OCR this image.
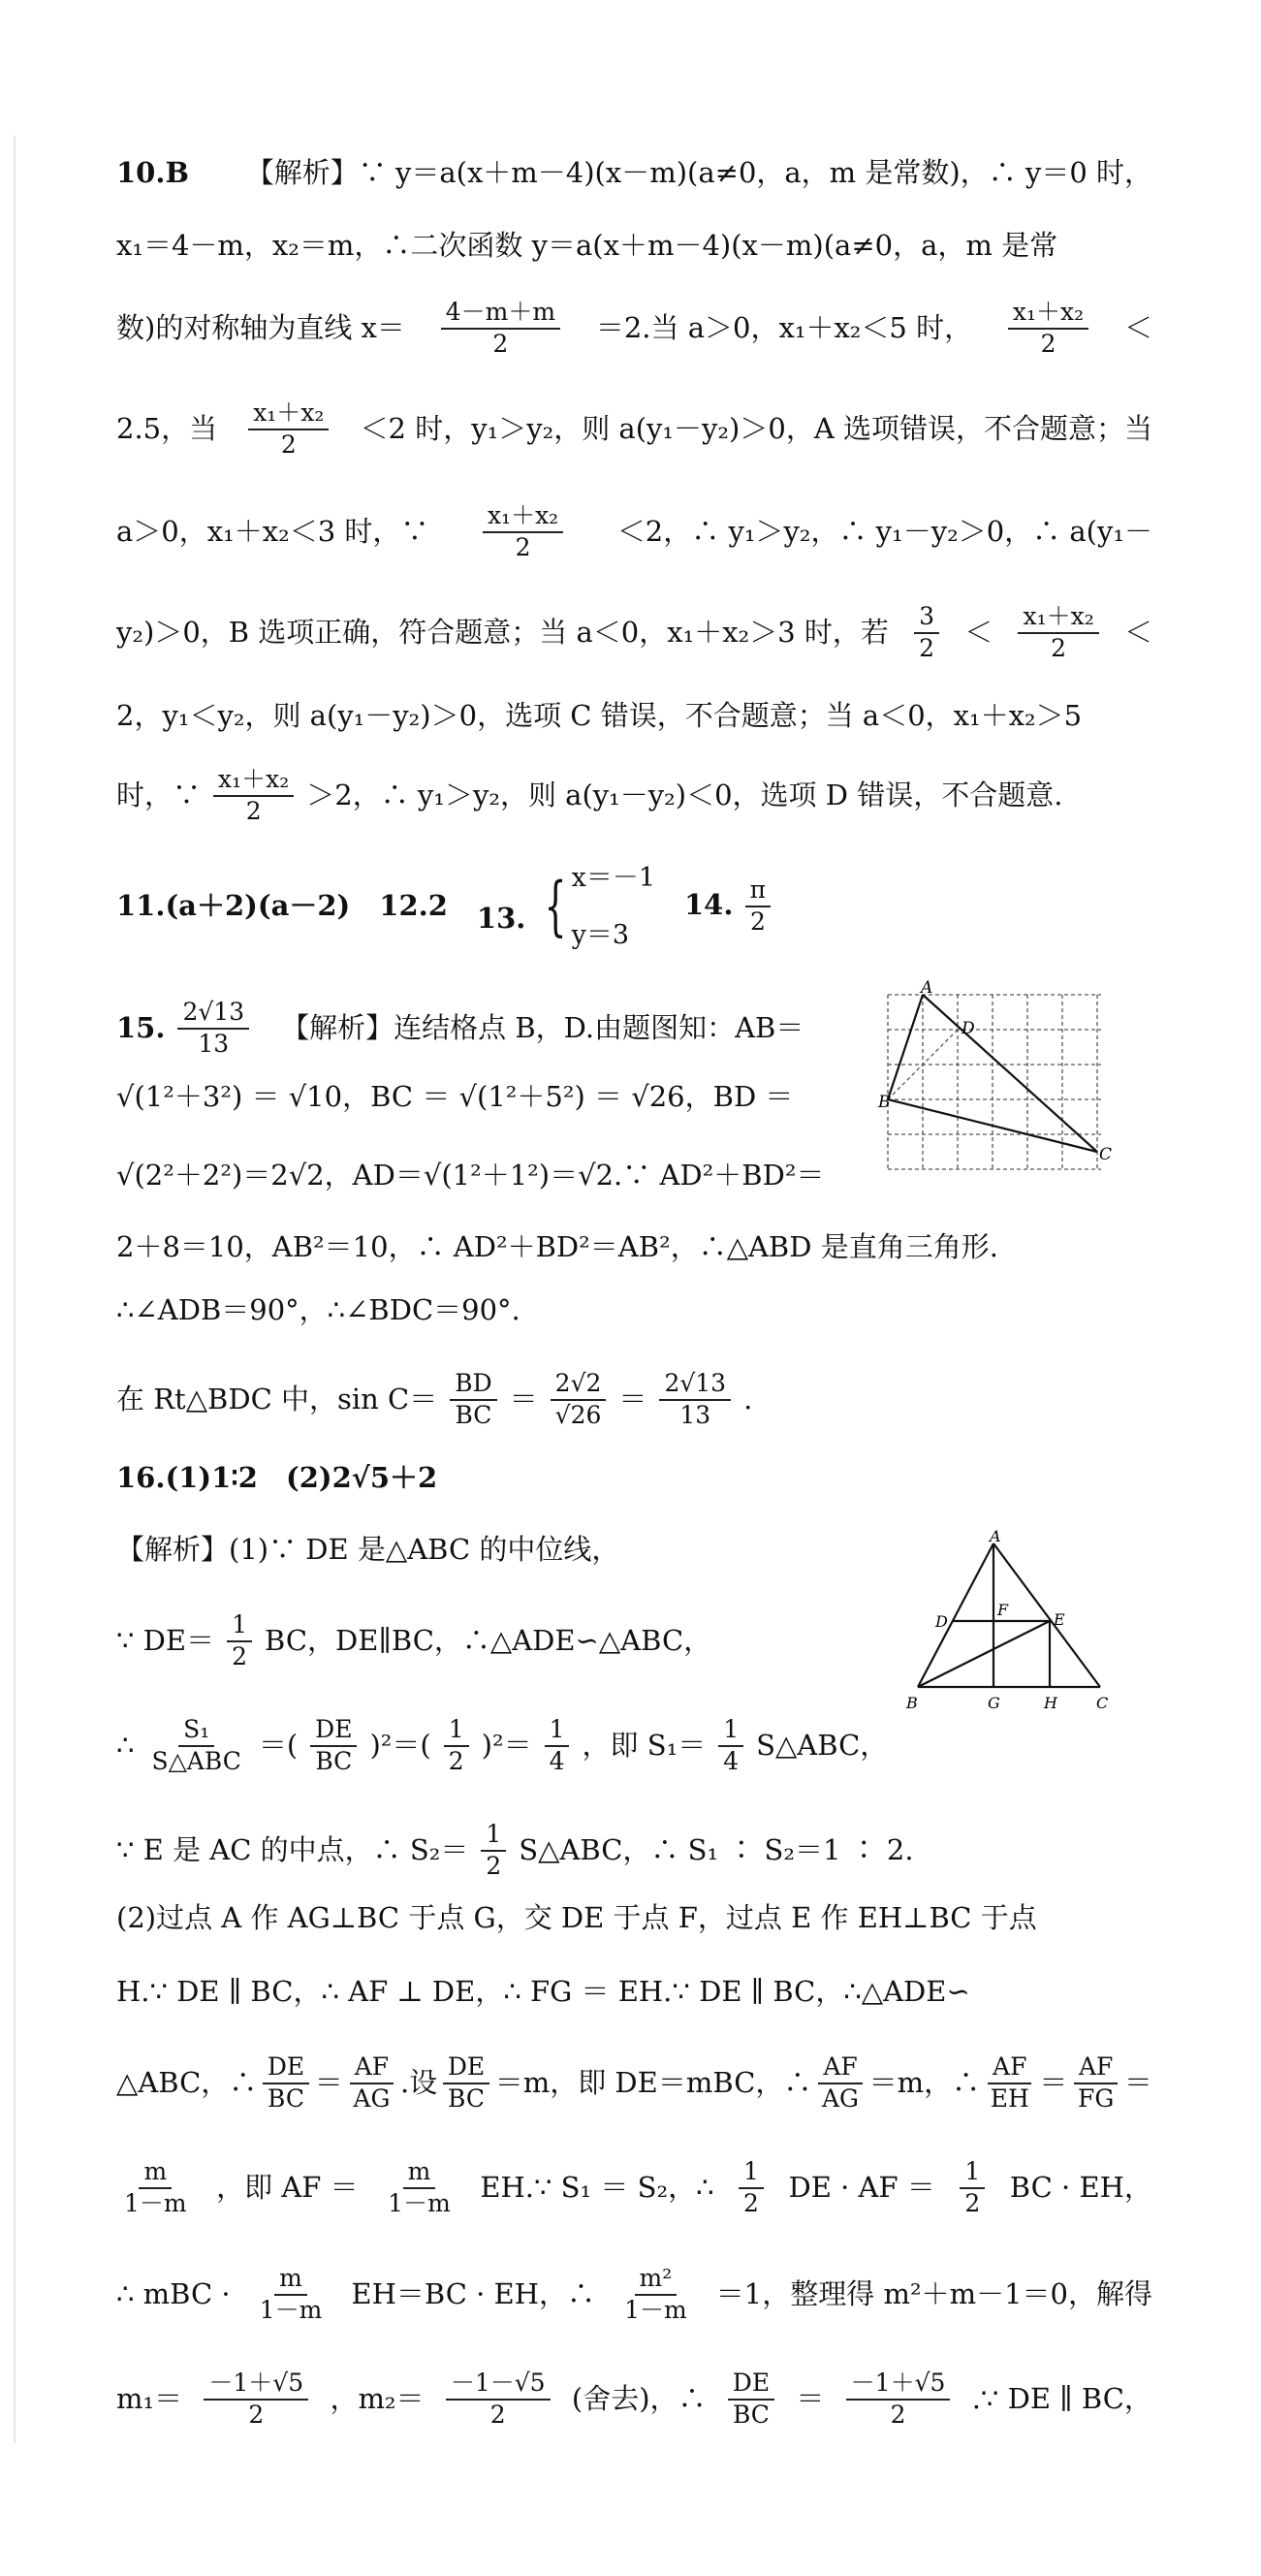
10.B 【解析】∵ y＝a(x＋m－4)(x－m)(a≠0，a，m 是常数)，∴ y＝0 时，
x₁＝4－m，x₂＝m，∴二次函数 y＝a(x＋m－4)(x－m)(a≠0，a，m 是常
数)的对称轴为直线 $x= \frac{4-m+m}{2} =2$.当 a＞0，x₁＋x₂＜5 时， $\frac{\text{x₁＋x₂}}{2}$ ＜
2.5，当 $\frac{\text{x₁＋x₂}}{2} <2$ 时，y₁＞y₂，则 a(y₁－y₂)＞0，A 选项错误，不合题意；当
a＞0，x₁＋x₂＜3 时，∵ $\frac{\text{x₁＋x₂}}{2} <2$，∴ y₁＞y₂，∴ y₁－y₂＞0，∴ a(y₁－
y₂)＞0，B 选项正确，符合题意；当 a＜0，x₁＋x₂＞3 时，若 $\frac{3}{2} < \frac{\text{x₁＋x₂}}{2}$ ＜
2，y₁＜y₂，则 a(y₁－y₂)＞0，选项 C 错误，不合题意；当 a＜0，x₁＋x₂＞5
时，∵ $\frac{\text{x₁＋x₂}}{2} >2$，∴ y₁＞y₂，则 a(y₁－y₂)＜0，选项 D 错误，不合题意.
11.(a＋2)(a－2) 12.2 13. { x＝－1
y＝3
14. $\frac{\pi}{2}$
15. $\frac{2√13}{13}$ 【解析】连结格点 B，D.由题图知：AB＝
√(1²＋3²) ＝ √10，BC ＝ √(1²＋5²) ＝ √26，BD ＝
√(2²＋2²)＝2√2，AD＝√(1²＋1²)＝√2.∵ AD²＋BD²＝
2＋8＝10，AB²＝10，∴ AD²＋BD²＝AB²，∴△ABD 是直角三角形.
∴∠ADB＝90°，∴∠BDC＝90°.
在 Rt△BDC 中，$\sin C= \frac{BD}{BC} = \frac{2√2}{√26} = \frac{2√13}{13}$ .
A
D
B
C
16.(1)1∶2　(2)2√5＋2
【解析】(1)∵ DE 是△ABC 的中位线，
∵ $DE= \frac{1}{2}$ BC，DE∥BC，∴△ADE∽△ABC，
∴ $\frac{\text{S₁}}{\text{S△ABC}}$ ＝( $\frac{DE}{BC} )^2=( \frac{1}{2} )^2= \frac{1}{4}$ ，即 $S_1= \frac{1}{4}$ S△ABC，
∵ E 是 AC 的中点，∴ $S_2= \frac{1}{2}$ S△ABC，∴ S₁ ∶ S₂＝1 ∶ 2.
(2)过点 A 作 AG⊥BC 于点 G，交 DE 于点 F，过点 E 作 EH⊥BC 于点
H.∵ DE ∥ BC，∴ AF ⊥ DE，∴ FG ＝ EH.∵ DE ∥ BC，∴△ADE∽
△ABC，∴ $\frac{DE}{BC} = \frac{AF}{AG}$ .设 $\frac{DE}{BC} =m$，即 DE＝mBC，∴ $\frac{AF}{AG} =m$，∴ $\frac{AF}{EH} = \frac{AF}{FG}$ ＝
$\frac{m}{1-m}$ ，即 AF ＝ $\frac{m}{1-m}$ EH.∵ S₁ ＝ S₂，∴ $\frac{1}{2}$ DE · AF ＝ $\frac{1}{2}$ BC · EH，
∴ mBC · $\frac{m}{1-m} EH=BC$ · EH，∴ $\frac{\text{m²}}{1-m} =1$，整理得 m²＋m－1＝0，解得
$m_1= \frac{-1+√5}{2}$ ，$m_2= \frac{-1-√5}{2}$ (舍去)，∴ $\frac{DE}{BC} = \frac{-1+√5}{2}$ .∵ DE ∥ BC，
A
D
F
E
B	G	H	C
